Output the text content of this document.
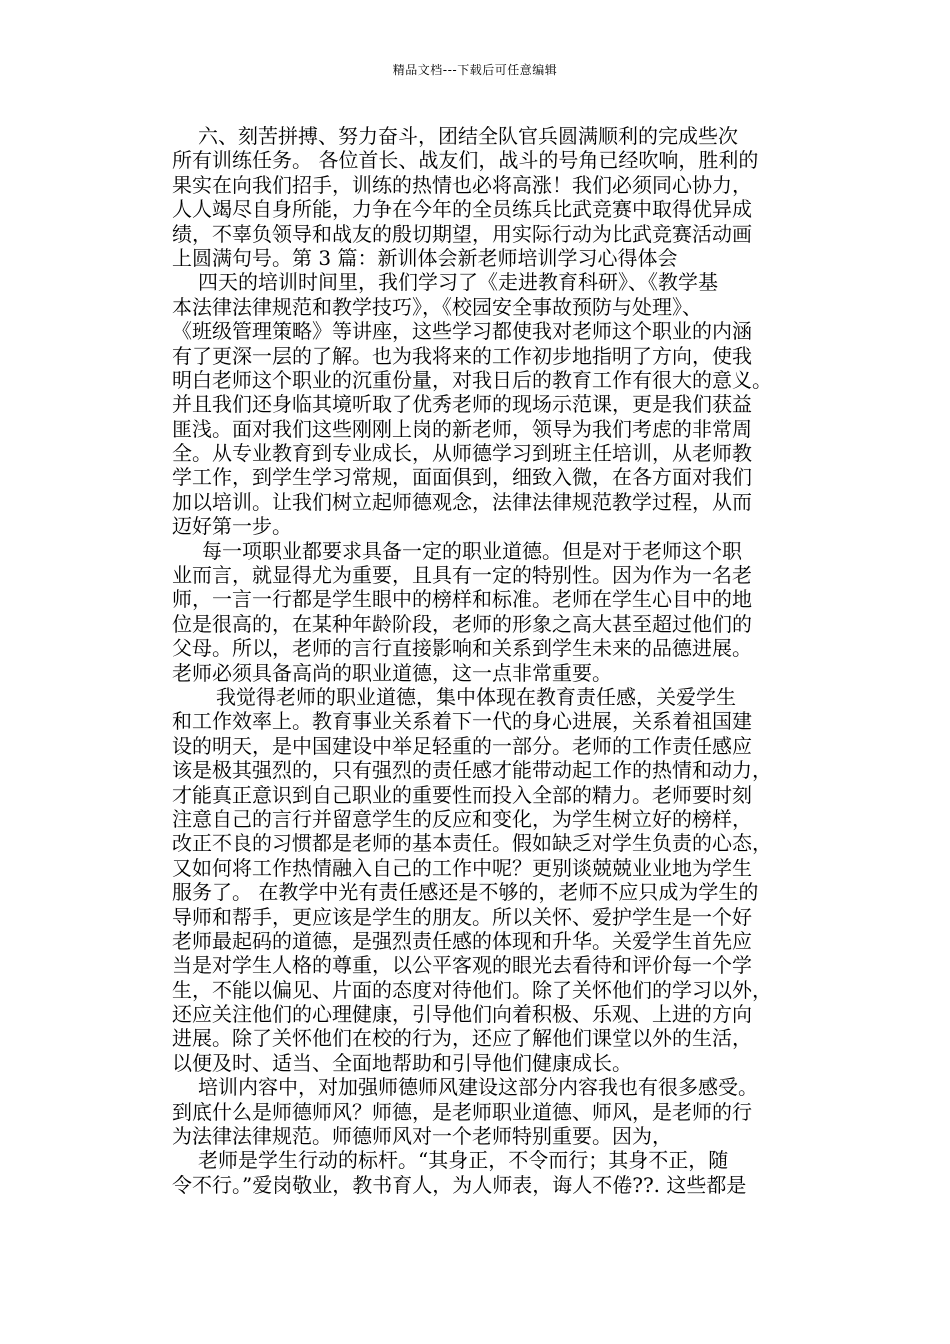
精品文档---下载后可任意编辑
六、刻苦拼搏、努力奋斗，团结全队官兵圆满顺利的完成些次
所有训练任务。 各位首长、战友们，战斗的号角已经吹响，胜利的
果实在向我们招手，训练的热情也必将高涨！我们必须同心协力，
人人竭尽自身所能，力争在今年的全员练兵比武竞赛中取得优异成
绩，不辜负领导和战友的殷切期望，用实际行动为比武竞赛活动画
上圆满句号。第 3 篇：新训体会新老师培训学习心得体会
四天的培训时间里，我们学习了《走进教育科研》、《教学基
本法律法律规范和教学技巧》，《校园安全事故预防与处理》、
《班级管理策略》等讲座，这些学习都使我对老师这个职业的内涵
有了更深一层的了解。也为我将来的工作初步地指明了方向，使我
明白老师这个职业的沉重份量，对我日后的教育工作有很大的意义。
并且我们还身临其境听取了优秀老师的现场示范课，更是我们获益
匪浅。面对我们这些刚刚上岗的新老师，领导为我们考虑的非常周
全。从专业教育到专业成长，从师德学习到班主任培训，从老师教
学工作，到学生学习常规，面面俱到，细致入微，在各方面对我们
加以培训。让我们树立起师德观念，法律法律规范教学过程，从而
迈好第一步。
每一项职业都要求具备一定的职业道德。但是对于老师这个职
业而言，就显得尤为重要，且具有一定的特别性。因为作为一名老
师，一言一行都是学生眼中的榜样和标准。老师在学生心目中的地
位是很高的，在某种年龄阶段，老师的形象之高大甚至超过他们的
父母。所以，老师的言行直接影响和关系到学生未来的品德进展。
老师必须具备高尚的职业道德，这一点非常重要。
我觉得老师的职业道德，集中体现在教育责任感，关爱学生
和工作效率上。教育事业关系着下一代的身心进展，关系着祖国建
设的明天，是中国建设中举足轻重的一部分。老师的工作责任感应
该是极其强烈的，只有强烈的责任感才能带动起工作的热情和动力，
才能真正意识到自己职业的重要性而投入全部的精力。老师要时刻
注意自己的言行并留意学生的反应和变化，为学生树立好的榜样，
改正不良的习惯都是老师的基本责任。假如缺乏对学生负责的心态，
又如何将工作热情融入自己的工作中呢？更别谈兢兢业业地为学生
服务了。 在教学中光有责任感还是不够的，老师不应只成为学生的
导师和帮手，更应该是学生的朋友。所以关怀、爱护学生是一个好
老师最起码的道德，是强烈责任感的体现和升华。关爱学生首先应
当是对学生人格的尊重，以公平客观的眼光去看待和评价每一个学
生，不能以偏见、片面的态度对待他们。除了关怀他们的学习以外，
还应关注他们的心理健康，引导他们向着积极、乐观、上进的方向
进展。除了关怀他们在校的行为，还应了解他们课堂以外的生活，
以便及时、适当、全面地帮助和引导他们健康成长。
培训内容中，对加强师德师风建设这部分内容我也有很多感受。
到底什么是师德师风？师德，是老师职业道德、师风，是老师的行
为法律法律规范。师德师风对一个老师特别重要。因为，
老师是学生行动的标杆。“其身正，不令而行；其身不正，随
令不行。”爱岗敬业，教书育人，为人师表，诲人不倦??. 这些都是
